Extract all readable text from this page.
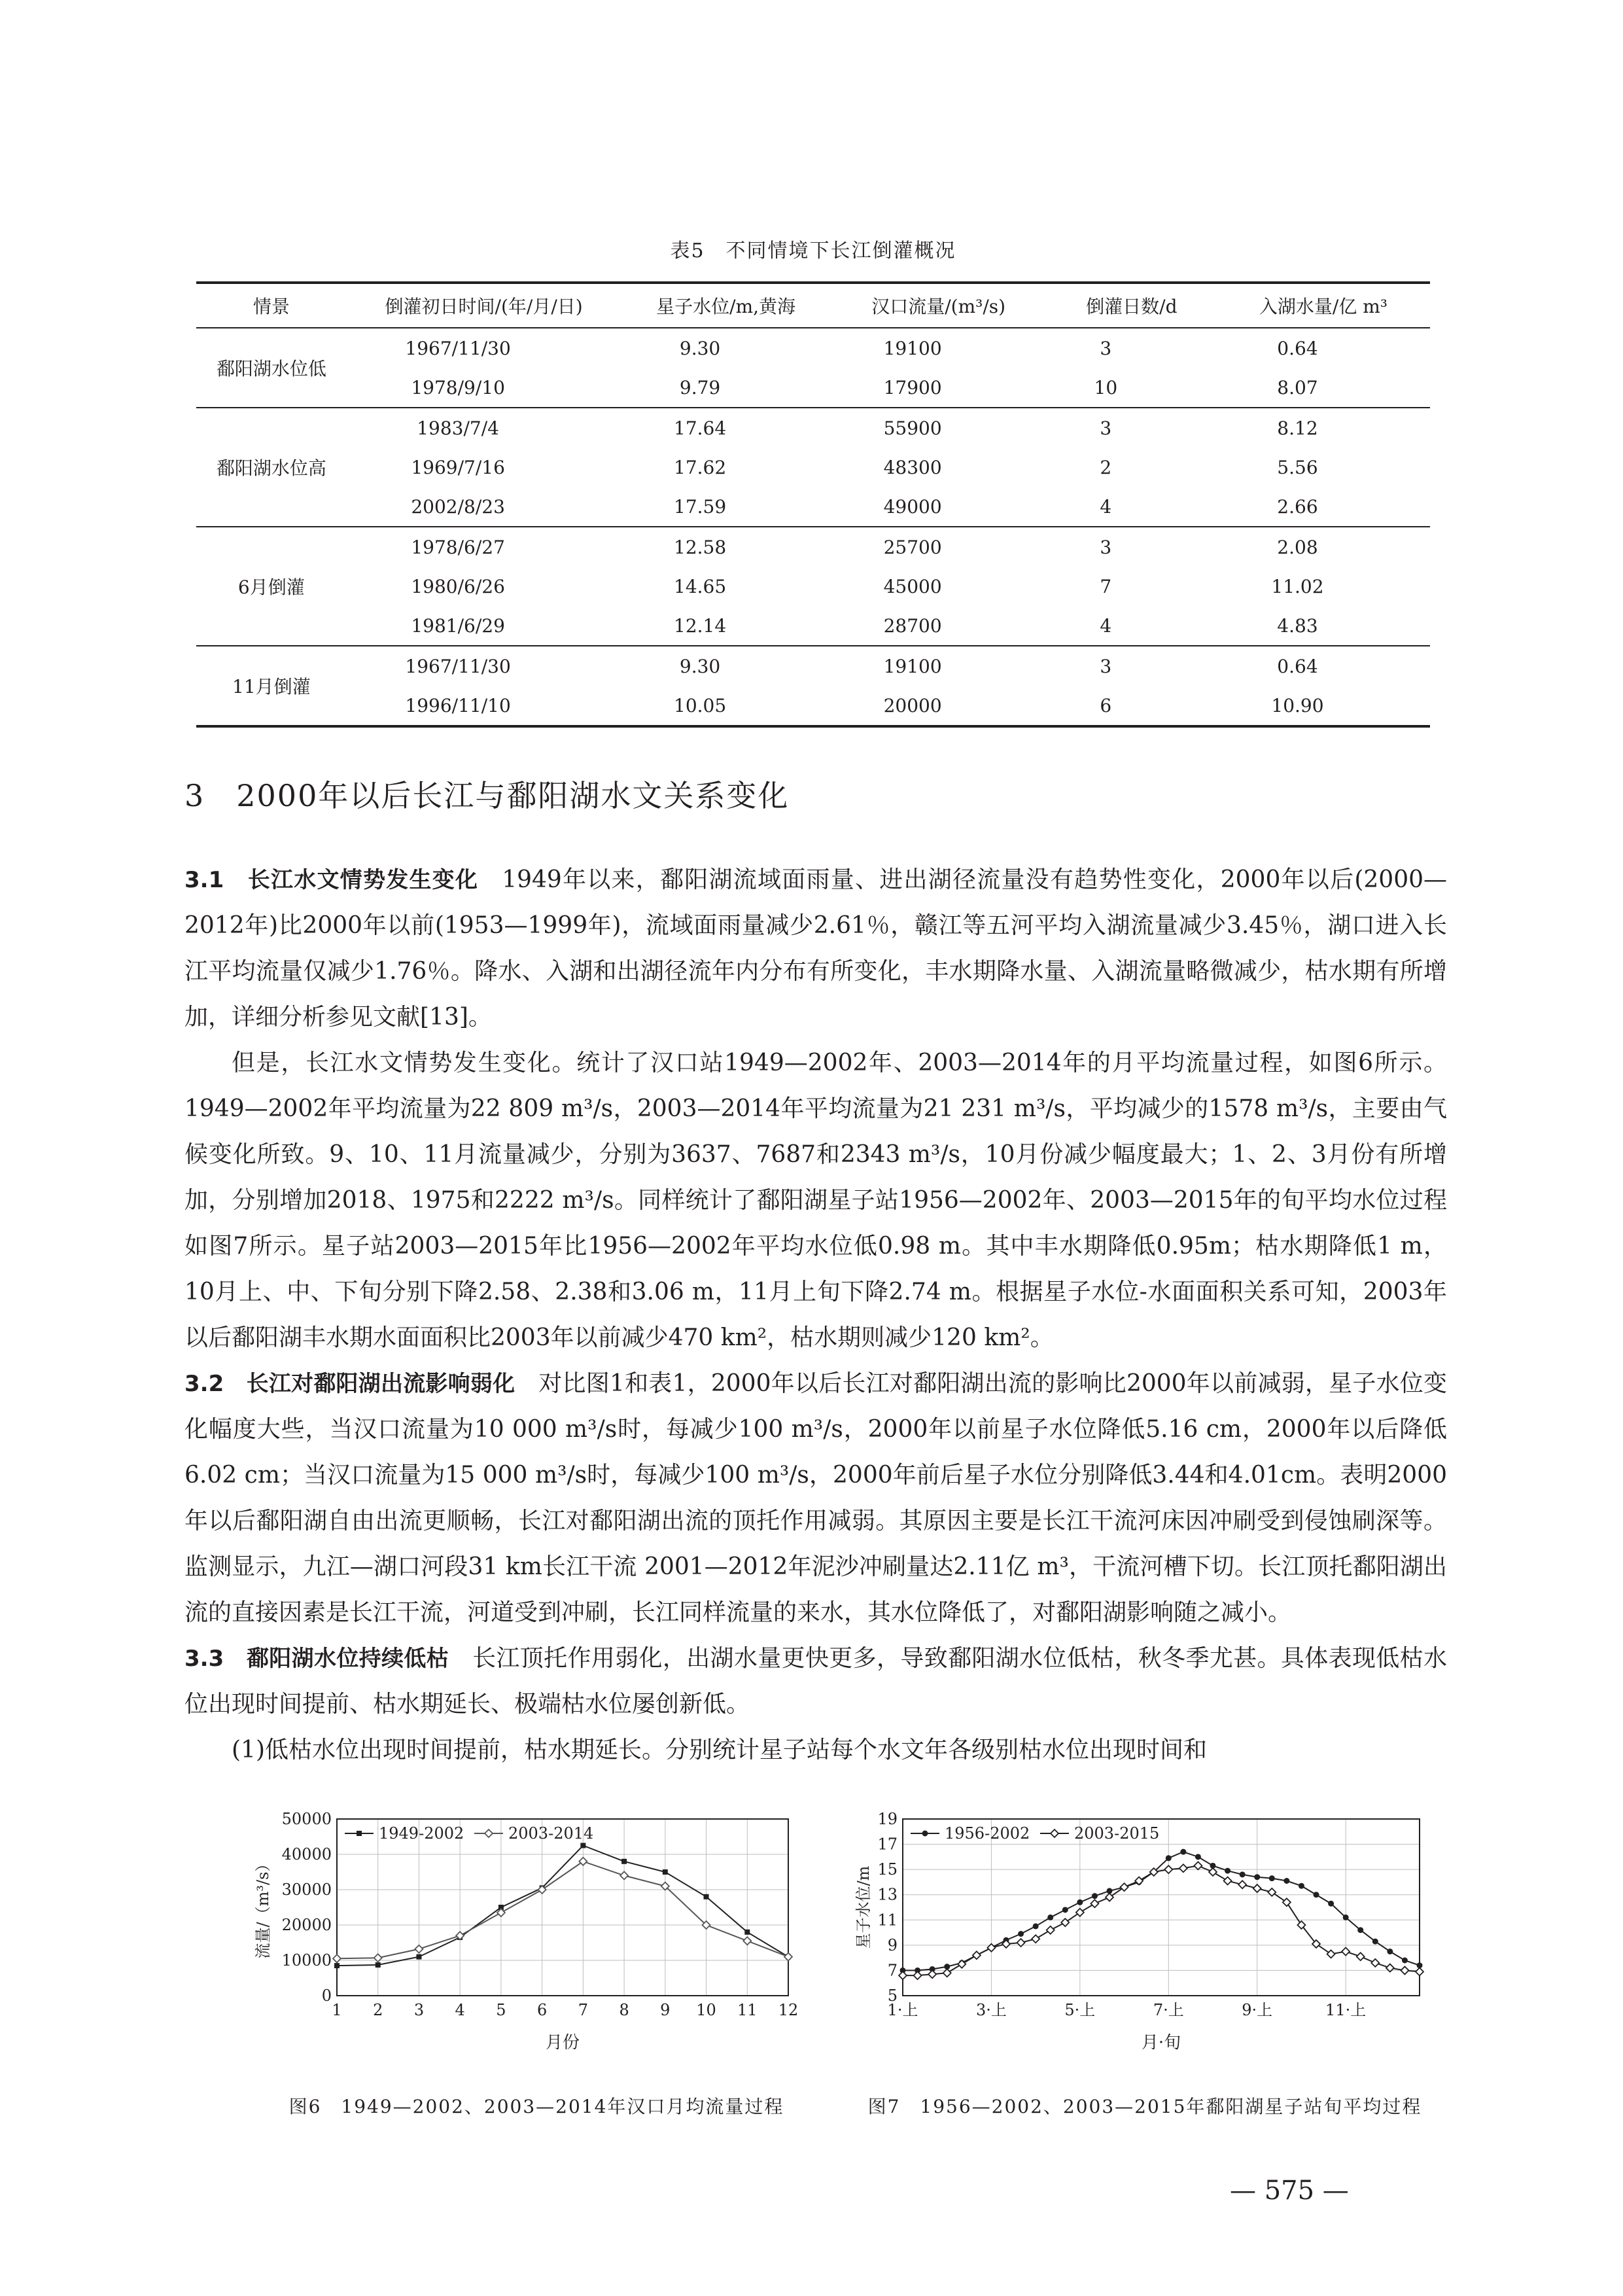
表5　不同情境下长江倒灌概况
情景	倒灌初日时间/(年/月/日)	星子水位/m,黄海	汉口流量/(m³/s)	倒灌日数/d	入湖水量/亿 m³
鄱阳湖水位低	1967/11/30	9.30	19100	3	0.64
	1978/9/10	9.79	17900	10	8.07
鄱阳湖水位高	1983/7/4	17.64	55900	3	8.12
	1969/7/16	17.62	48300	2	5.56
	2002/8/23	17.59	49000	4	2.66
6月倒灌	1978/6/27	12.58	25700	3	2.08
	1980/6/26	14.65	45000	7	11.02
	1981/6/29	12.14	28700	4	4.83
11月倒灌	1967/11/30	9.30	19100	3	0.64
	1996/11/10	10.05	20000	6	10.90
3　2000年以后长江与鄱阳湖水文关系变化

3.1　长江水文情势发生变化 1949年以来，鄱阳湖流域面雨量、进出湖径流量没有趋势性变化，2000年以后(2000—2012年)比2000年以前(1953—1999年)，流域面雨量减少2.61％，赣江等五河平均入湖流量减少3.45％，湖口进入长江平均流量仅减少1.76％。降水、入湖和出湖径流年内分布有所变化，丰水期降水量、入湖流量略微减少，枯水期有所增加，详细分析参见文献[13]。

但是，长江水文情势发生变化。统计了汉口站1949—2002年、2003—2014年的月平均流量过程，如图6所示。1949—2002年平均流量为22 809 m³/s，2003—2014年平均流量为21 231 m³/s，平均减少的1578 m³/s，主要由气候变化所致。9、10、11月流量减少，分别为3637、7687和2343 m³/s，10月份减少幅度最大；1、2、3月份有所增加，分别增加2018、1975和2222 m³/s。同样统计了鄱阳湖星子站1956—2002年、2003—2015年的旬平均水位过程如图7所示。星子站2003—2015年比1956—2002年平均水位低0.98 m。其中丰水期降低0.95m；枯水期降低1 m，10月上、中、下旬分别下降2.58、2.38和3.06 m，11月上旬下降2.74 m。根据星子水位-水面面积关系可知，2003年以后鄱阳湖丰水期水面面积比2003年以前减少470 km²，枯水期则减少120 km²。

3.2　长江对鄱阳湖出流影响弱化 对比图1和表1，2000年以后长江对鄱阳湖出流的影响比2000年以前减弱，星子水位变化幅度大些，当汉口流量为10 000 m³/s时，每减少100 m³/s，2000年以前星子水位降低5.16 cm，2000年以后降低6.02 cm；当汉口流量为15 000 m³/s时，每减少100 m³/s，2000年前后星子水位分别降低3.44和4.01cm。表明2000年以后鄱阳湖自由出流更顺畅，长江对鄱阳湖出流的顶托作用减弱。其原因主要是长江干流河床因冲刷受到侵蚀刷深等。监测显示，九江—湖口河段31 km长江干流 2001—2012年泥沙冲刷量达2.11亿 m³，干流河槽下切。长江顶托鄱阳湖出流的直接因素是长江干流，河道受到冲刷，长江同样流量的来水，其水位降低了，对鄱阳湖影响随之减小。

3.3　鄱阳湖水位持续低枯 长江顶托作用弱化，出湖水量更快更多，导致鄱阳湖水位低枯，秋冬季尤甚。具体表现低枯水位出现时间提前、枯水期延长、极端枯水位屡创新低。

(1)低枯水位出现时间提前，枯水期延长。分别统计星子站每个水文年各级别枯水位出现时间和

0
10000
20000
30000
40000
50000
1 2 3 4 5 6 7 8 9 10 11 12
1949-2002	2003-2014
月份
流量/（m³/s）
图6　1949—2002、2003—2014年汉口月均流量过程
5
7
9
11
13
15
17
19
1·上	3·上	5·上	7·上	9·上	11·上
1956-2002	2003-2015
月·旬
星子水位/m
图7　1956—2002、2003—2015年鄱阳湖星子站旬平均过程
— 575 —
